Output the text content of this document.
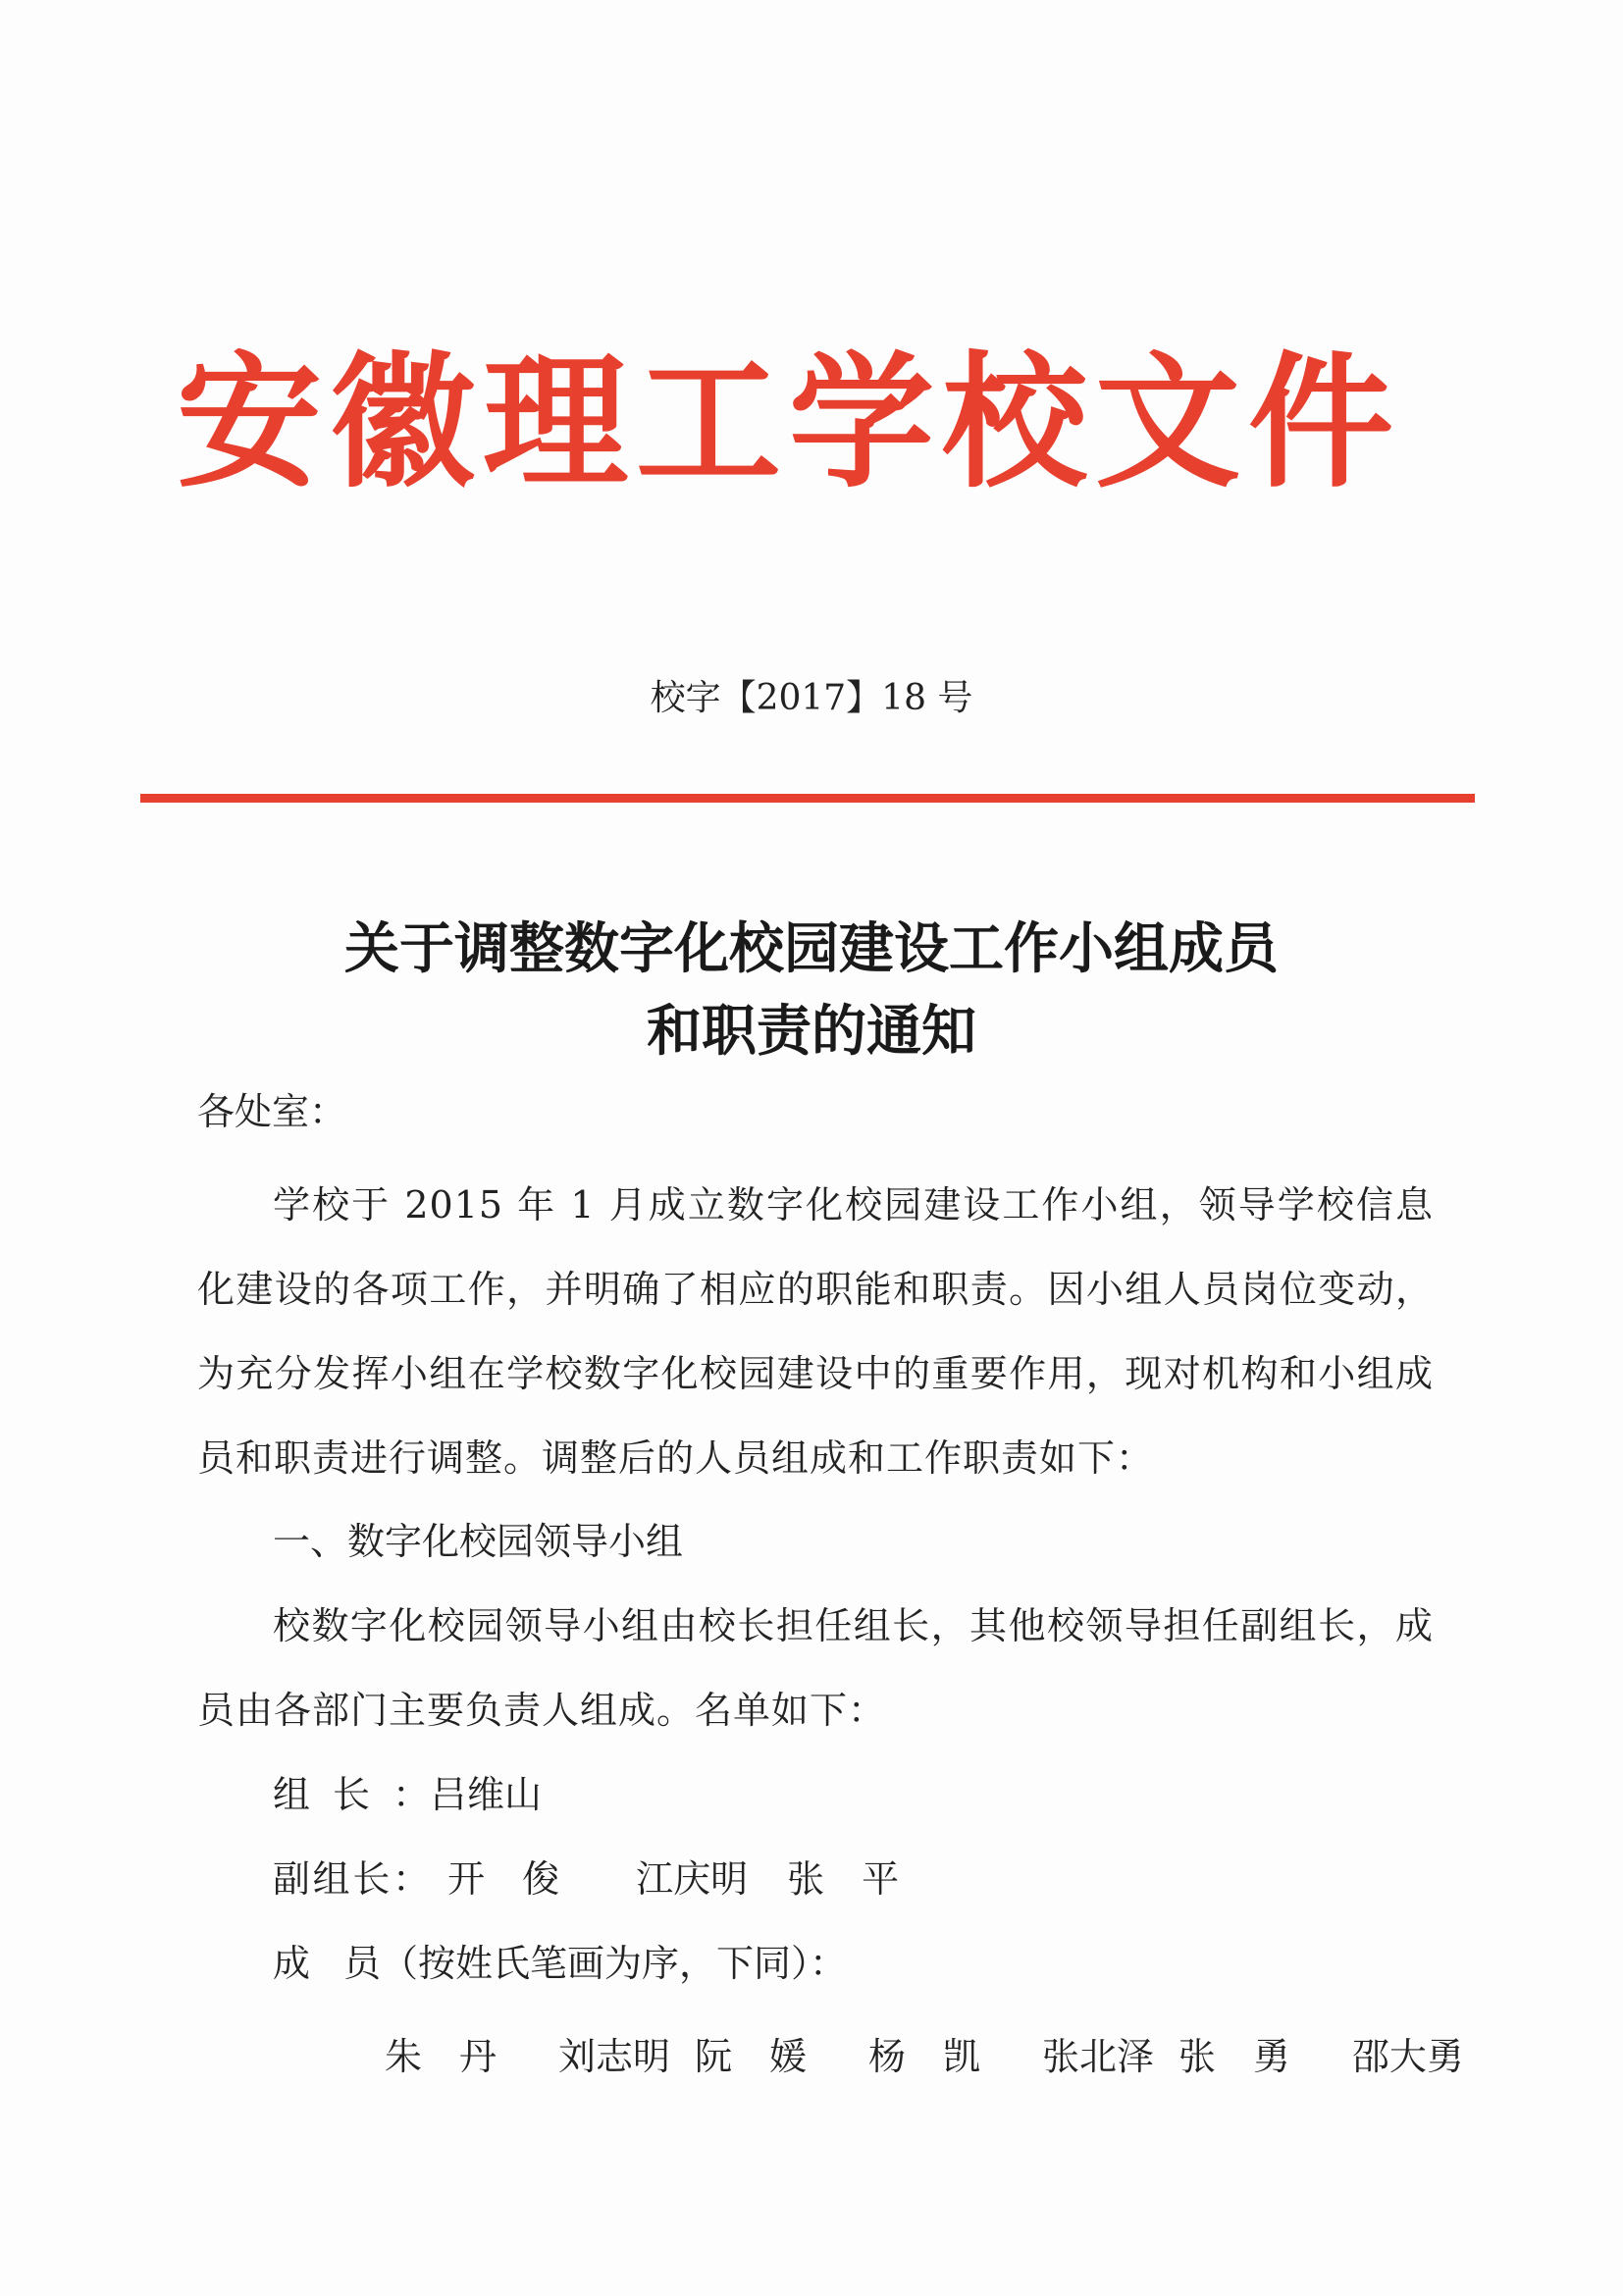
安徽理工学校文件
校字【2017】18 号
关于调整数字化校园建设工作小组成员
和职责的通知

各处室：

学校于 2015 年 1 月成立数字化校园建设工作小组，领导学校信息化建设的各项工作，并明确了相应的职能和职责。因小组人员岗位变动，为充分发挥小组在学校数字化校园建设中的重要作用，现对机构和小组成员和职责进行调整。调整后的人员组成和工作职责如下：

一、数字化校园领导小组

校数字化校园领导小组由校长担任组长，其他校领导担任副组长，成员由各部门主要负责人组成。名单如下：

组长：吕维山
副组长： 开俊 江庆明 张平
成员（按姓氏笔画为序，下同）：
朱丹 刘志明 阮媛 杨凯 张北泽 张勇 邵大勇
